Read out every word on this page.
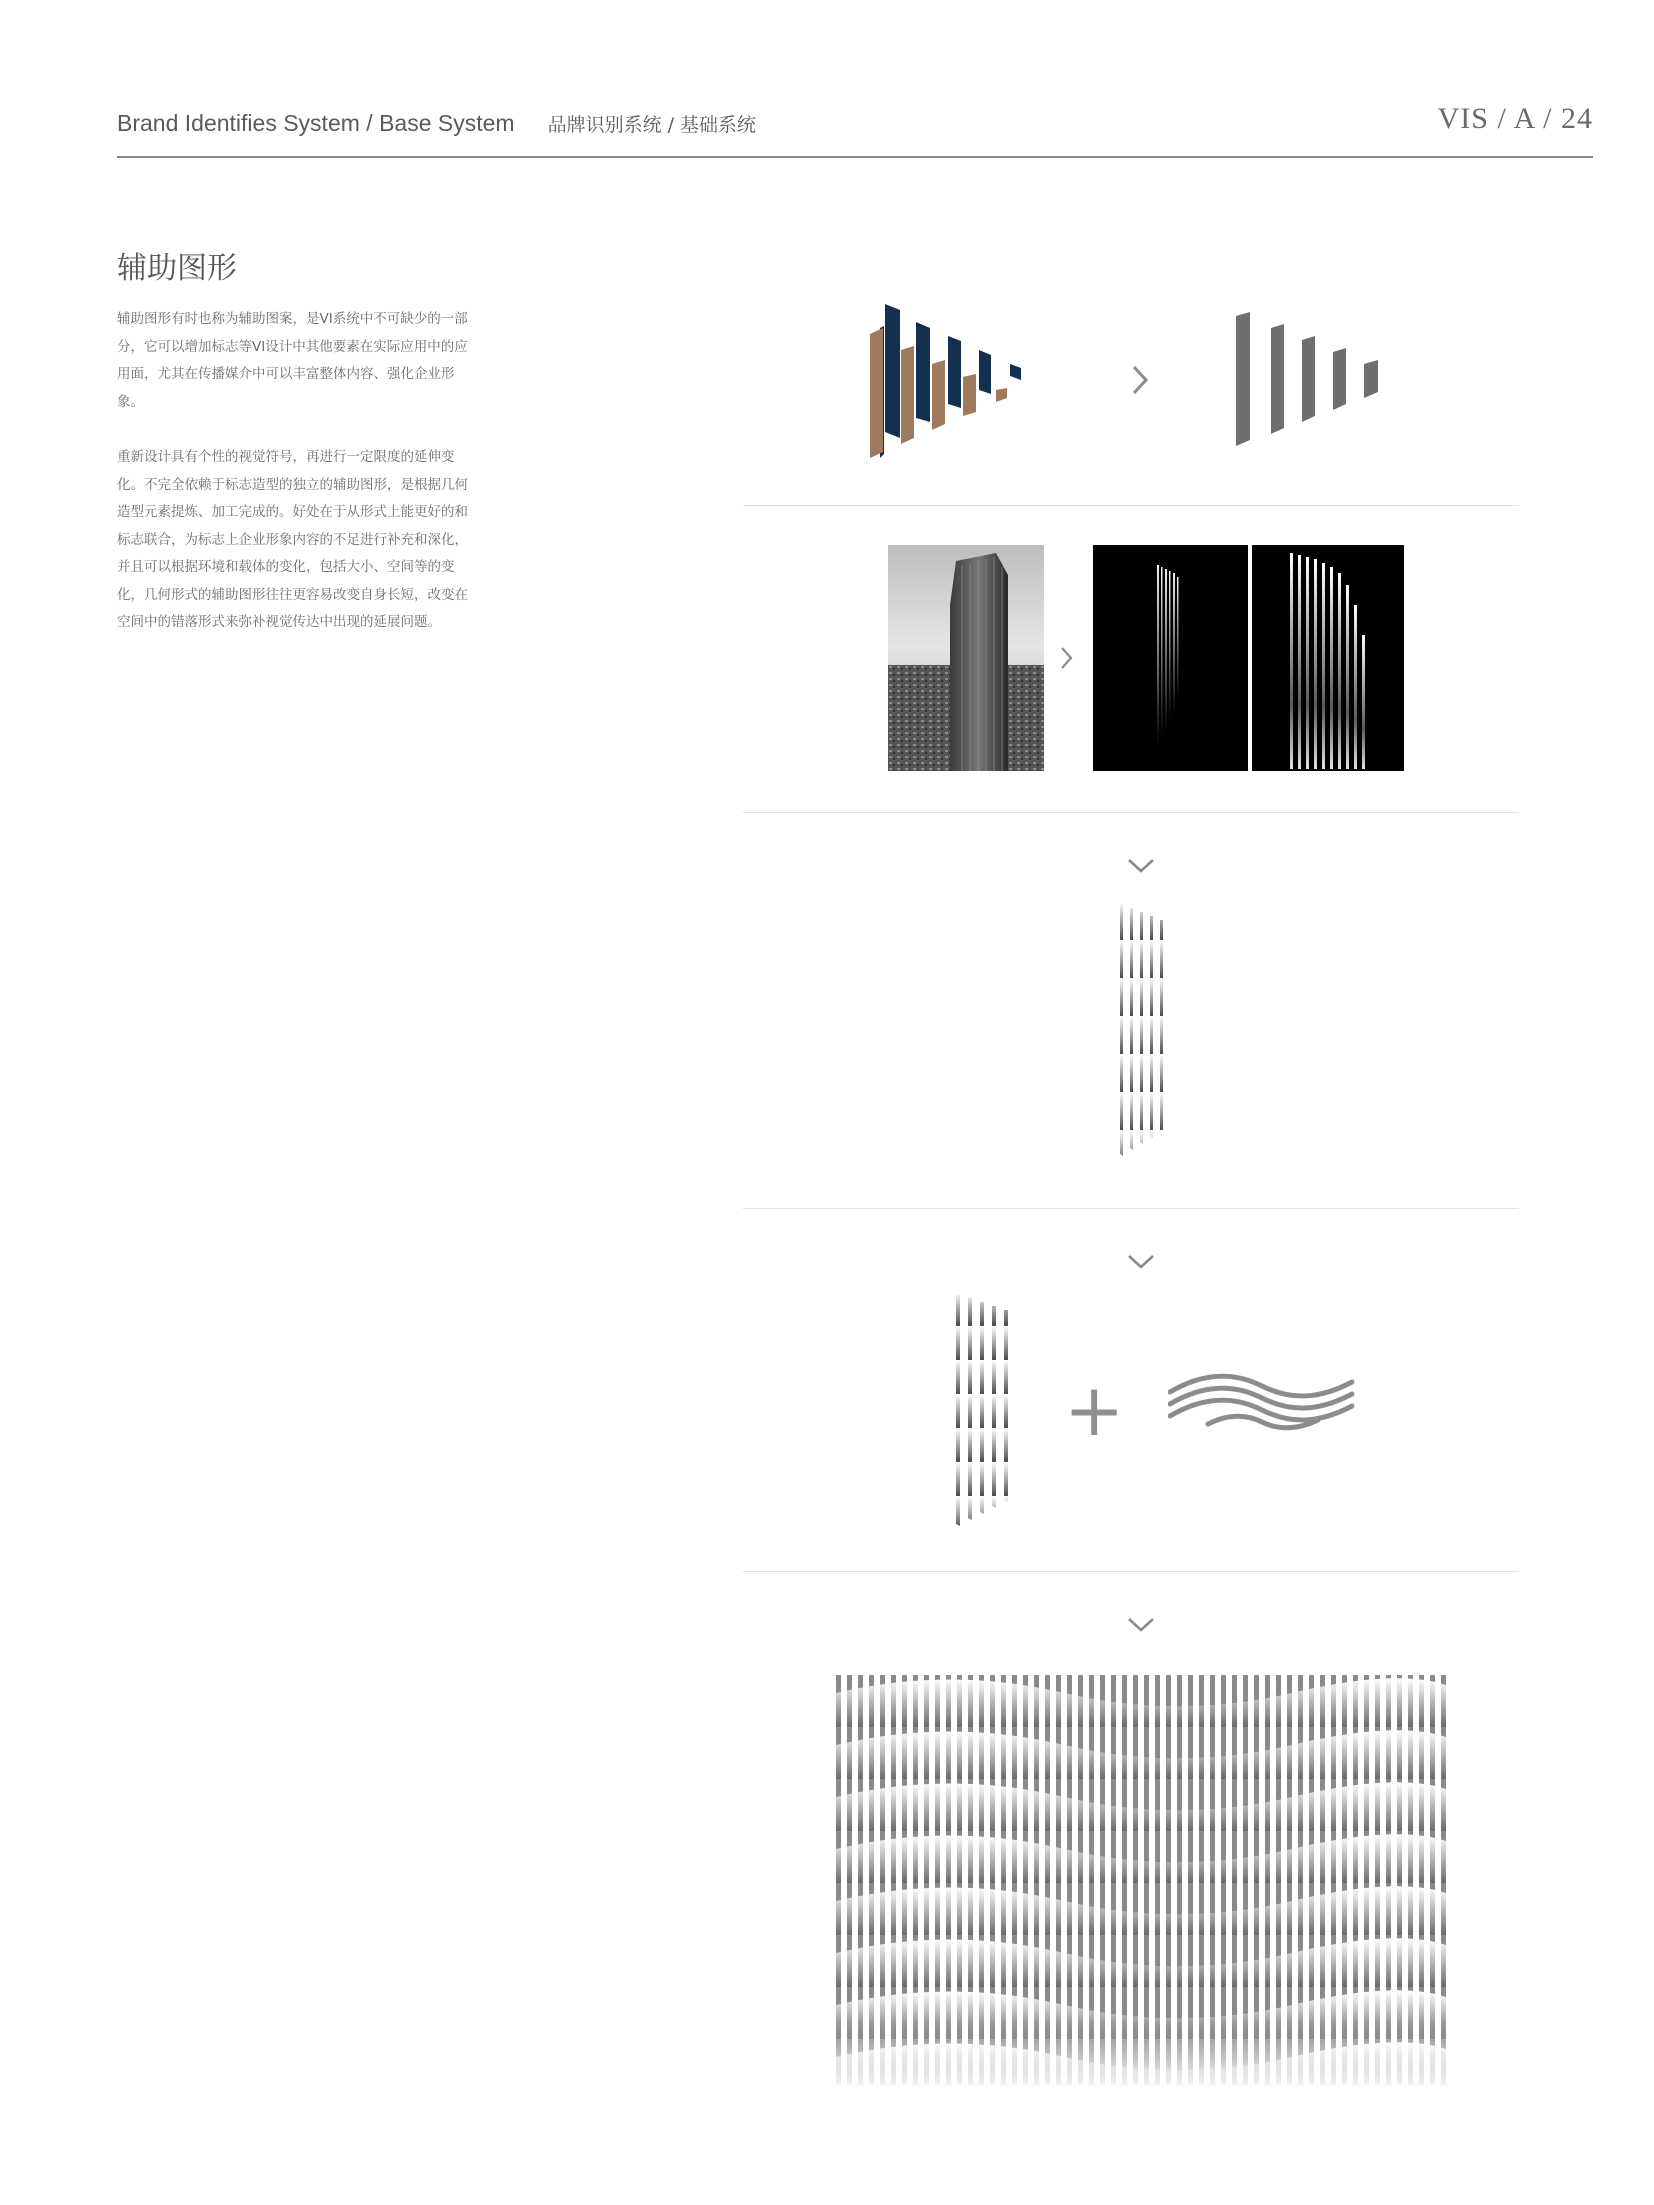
Brand Identifies System / Base System 品牌识别系统 / 基础系统	VIS / A / 24
辅助图形
辅助图形有时也称为辅助图案，是VI系统中不可缺少的一部分，它可以增加标志等VI设计中其他要素在实际应用中的应用面，尤其在传播媒介中可以丰富整体内容、强化企业形象。
重新设计具有个性的视觉符号，再进行一定限度的延伸变化。不完全依赖于标志造型的独立的辅助图形，是根据几何造型元素提炼、加工完成的。好处在于从形式上能更好的和标志联合，为标志上企业形象内容的不足进行补充和深化，并且可以根据环境和载体的变化，包括大小、空间等的变化，几何形式的辅助图形往往更容易改变自身长短，改变在空间中的错落形式来弥补视觉传达中出现的延展问题。
+
